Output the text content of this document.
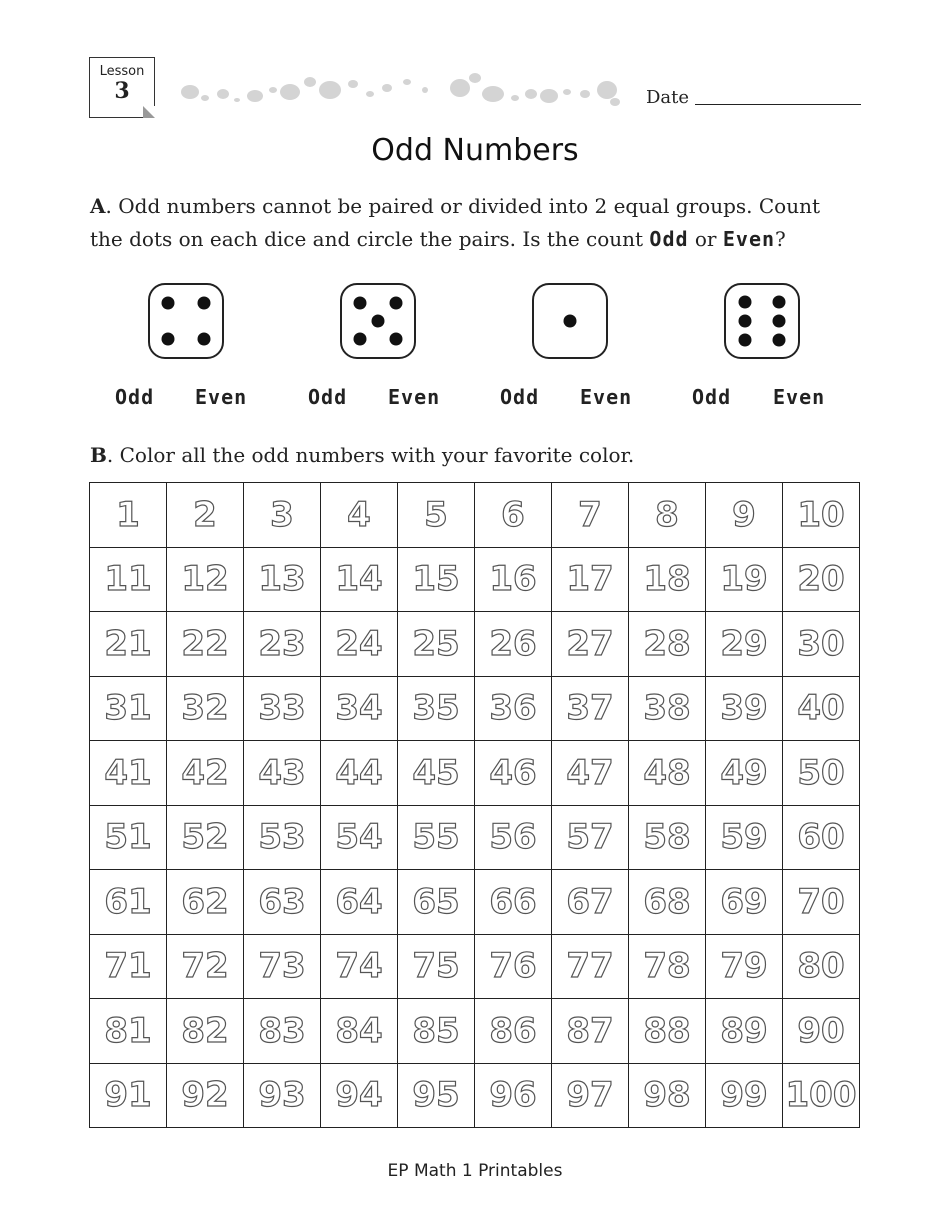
Lesson
3	Date
Odd Numbers
A. Odd numbers cannot be paired or divided into 2 equal groups. Count the dots on each dice and circle the pairs. Is the count Odd or Even?
Odd Even	Odd Even	Odd Even	Odd Even
B. Color all the odd numbers with your favorite color.
1	2	3	4	5	6	7	8	9	10
11	12	13	14	15	16	17	18	19	20
21	22	23	24	25	26	27	28	29	30
31	32	33	34	35	36	37	38	39	40
41	42	43	44	45	46	47	48	49	50
51	52	53	54	55	56	57	58	59	60
61	62	63	64	65	66	67	68	69	70
71	72	73	74	75	76	77	78	79	80
81	82	83	84	85	86	87	88	89	90
91	92	93	94	95	96	97	98	99	100
EP Math 1 Printables
